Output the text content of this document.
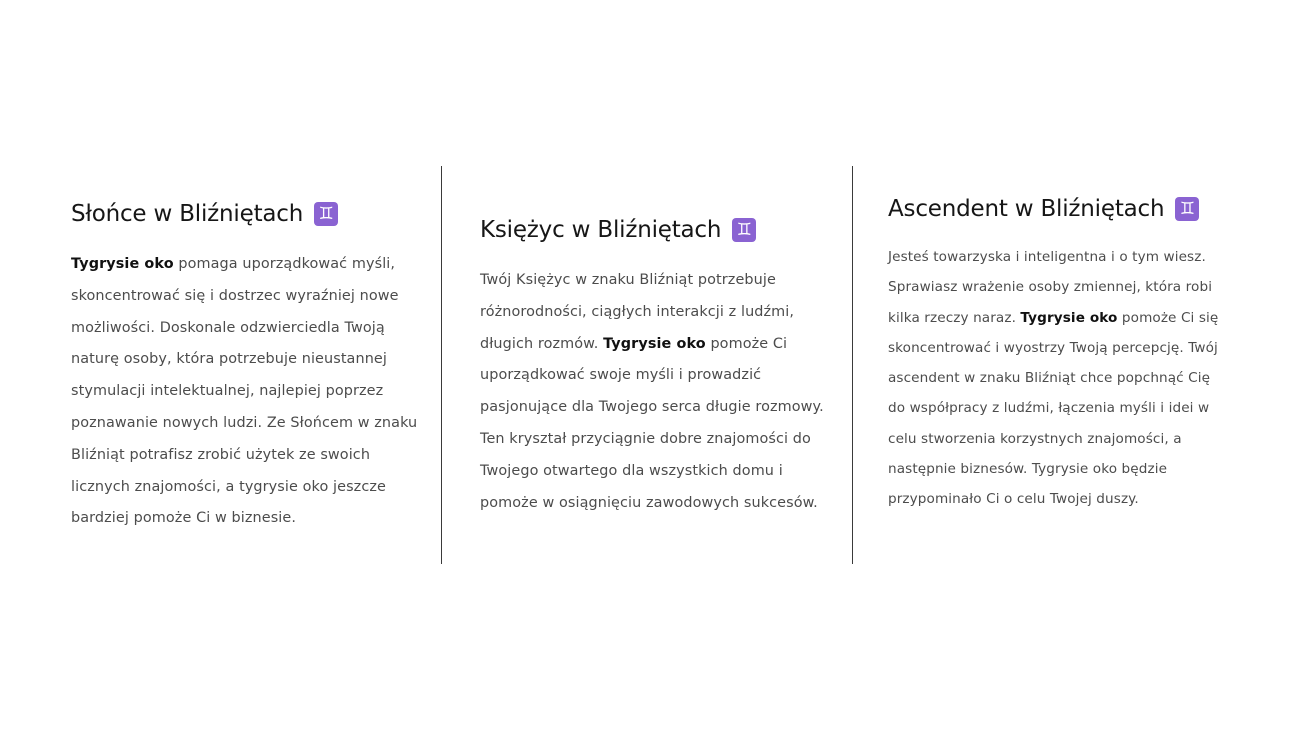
Słońce w Bliźniętach ♊

Tygrysie oko pomaga uporządkować myśli, skoncentrować się i dostrzec wyraźniej nowe możliwości. Doskonale odzwierciedla Twoją naturę osoby, która potrzebuje nieustannej stymulacji intelektualnej, najlepiej poprzez poznawanie nowych ludzi. Ze Słońcem w znaku Bliźniąt potrafisz zrobić użytek ze swoich licznych znajomości, a tygrysie oko jeszcze bardziej pomoże Ci w biznesie.

Księżyc w Bliźniętach ♊

Twój Księżyc w znaku Bliźniąt potrzebuje różnorodności, ciągłych interakcji z ludźmi, długich rozmów. Tygrysie oko pomoże Ci uporządkować swoje myśli i prowadzić pasjonujące dla Twojego serca długie rozmowy. Ten kryształ przyciągnie dobre znajomości do Twojego otwartego dla wszystkich domu i pomoże w osiągnięciu zawodowych sukcesów.

Ascendent w Bliźniętach ♊

Jesteś towarzyska i inteligentna i o tym wiesz. Sprawiasz wrażenie osoby zmiennej, która robi kilka rzeczy naraz. Tygrysie oko pomoże Ci się skoncentrować i wyostrzy Twoją percepcję. Twój ascendent w znaku Bliźniąt chce popchnąć Cię do współpracy z ludźmi, łączenia myśli i idei w celu stworzenia korzystnych znajomości, a następnie biznesów. Tygrysie oko będzie przypominało Ci o celu Twojej duszy.
